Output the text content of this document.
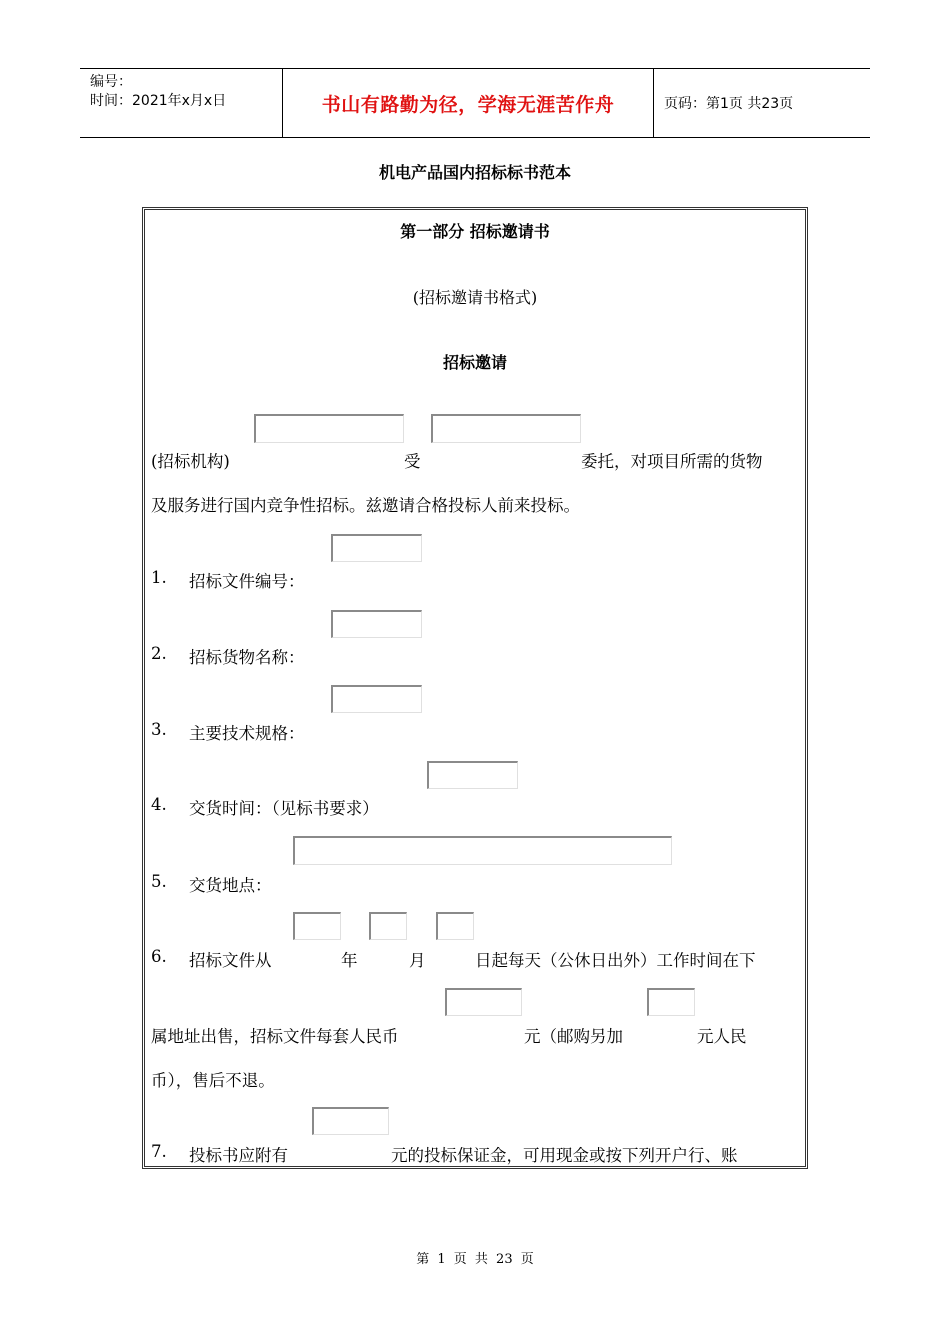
编号：
时间：2021年x月x日	书山有路勤为径，学海无涯苦作舟	页码：第1页 共23页
机电产品国内招标标书范本
第一部分 招标邀请书
(招标邀请书格式)
招标邀请
(招标机构)	受	委托，对项目所需的货物
及服务进行国内竞争性招标。兹邀请合格投标人前来投标。
1. 招标文件编号：
2. 招标货物名称：
3. 主要技术规格：
4. 交货时间：（见标书要求）
5. 交货地点：
6. 招标文件从	年	月	日起每天（公休日出外）工作时间在下
属地址出售，招标文件每套人民币	元（邮购另加	元人民
币），售后不退。
7. 投标书应附有	元的投标保证金，可用现金或按下列开户行、账
第 1 页 共 23 页
